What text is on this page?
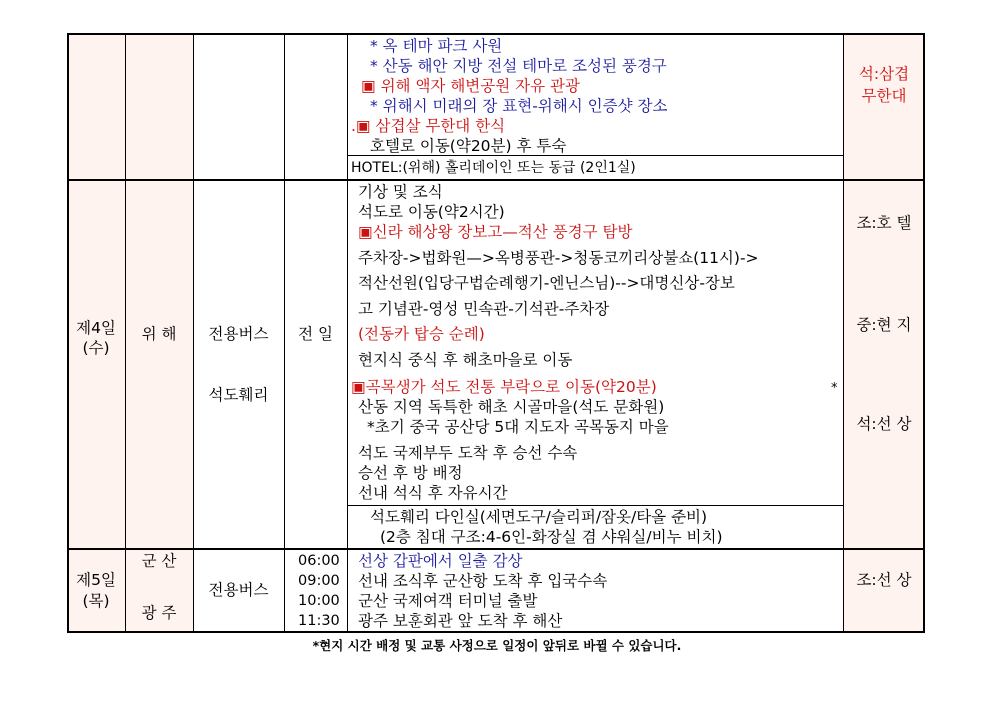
* 옥 테마 파크 사원
* 산동 해안 지방 전설 테마로 조성된 풍경구
▣ 위해 액자 해변공원 자유 관광
* 위해시 미래의 장 표현-위해시 인증샷 장소
.▣ 삼겹살 무한대 한식
호텔로 이동(약20분) 후 투숙
HOTEL:(위해) 홀리데이인 또는 동급 (2인1실)
석:삼겹
무한대
제4일
(수)
위 해	전용버스
석도훼리
전 일
기상 및 조식
석도로 이동(약2시간)
▣신라 해상왕 장보고—적산 풍경구 탐방
주차장->법화원—>옥병풍관->청동코끼리상불쇼(11시)->
적산선원(입당구법순례행기-엔닌스님)-->대명신상-장보
고 기념관-영성 민속관-기석관-주차장
(전동카 탑승 순례)
현지식 중식 후 해초마을로 이동
▣곡목생가 석도 전통 부락으로 이동(약20분)	*
산동 지역 독특한 해초 시골마을(석도 문화원)
*초기 중국 공산당 5대 지도자 곡목동지 마을
석도 국제부두 도착 후 승선 수속
승선 후 방 배정
선내 석식 후 자유시간
석도훼리 다인실(세면도구/슬리퍼/잠옷/타올 준비)
(2층 침대 구조:4-6인-화장실 겸 샤워실/비누 비치)
조:호 텔
중:현 지
석:선 상
제5일
(목)
군 산
광 주
전용버스
06:00
09:00
10:00
11:30
선상 갑판에서 일출 감상
선내 조식후 군산항 도착 후 입국수속
군산 국제여객 터미널 출발
광주 보훈회관 앞 도착 후 해산
조:선 상
*현지 시간 배정 및 교통 사정으로 일정이 앞뒤로 바뀔 수 있습니다.
